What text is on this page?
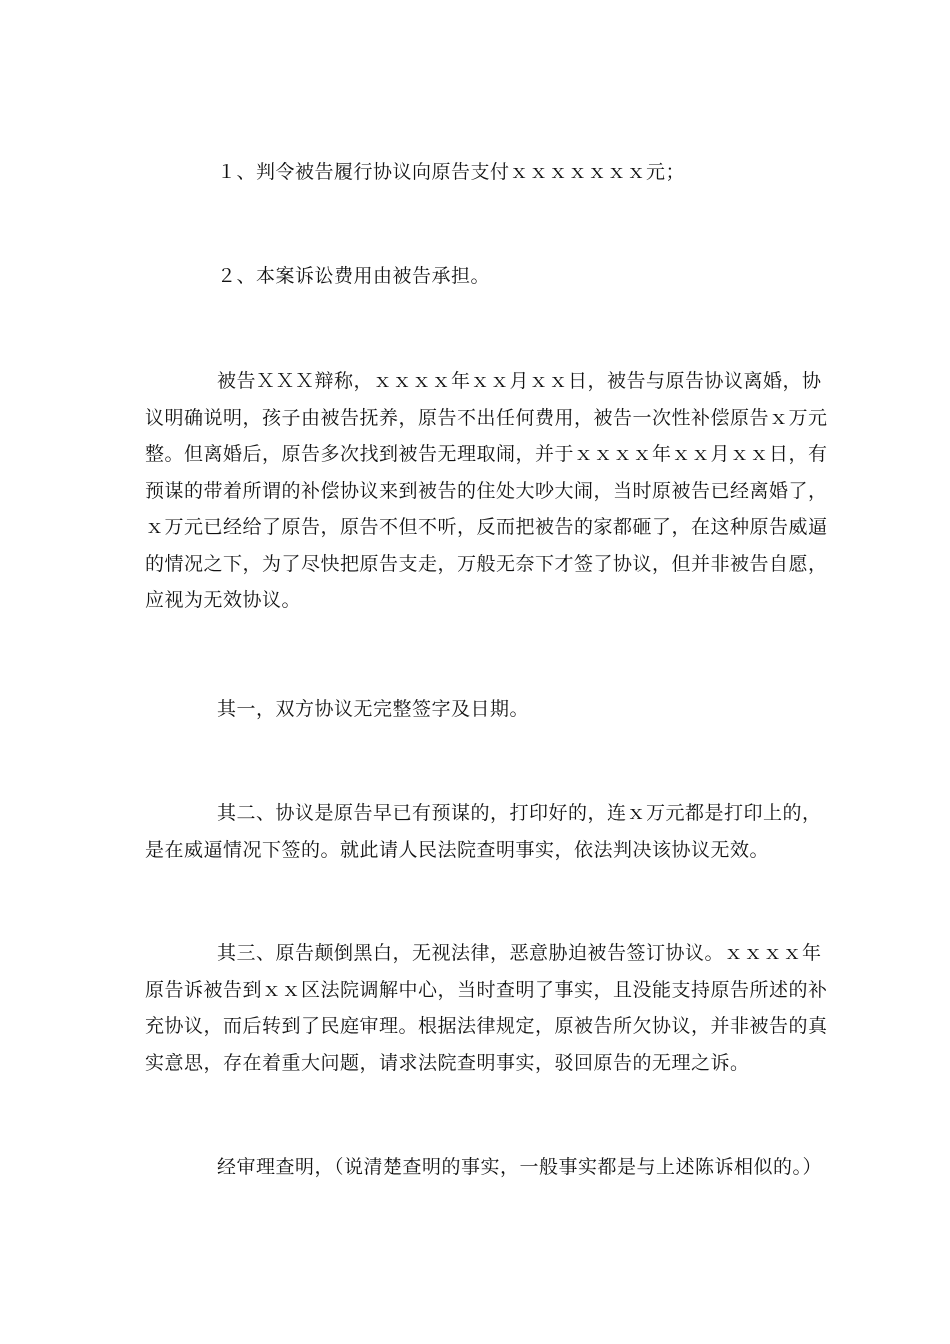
１、判令被告履行协议向原告支付ｘｘｘｘｘｘｘ元；

２、本案诉讼费用由被告承担。

被告ＸＸＸ辩称，ｘｘｘｘ年ｘｘ月ｘｘ日，被告与原告协议离婚，协议明确说明，孩子由被告抚养，原告不出任何费用，被告一次性补偿原告ｘ万元整。但离婚后，原告多次找到被告无理取闹，并于ｘｘｘｘ年ｘｘ月ｘｘ日，有预谋的带着所谓的补偿协议来到被告的住处大吵大闹，当时原被告已经离婚了，ｘ万元已经给了原告，原告不但不听，反而把被告的家都砸了，在这种原告威逼的情况之下，为了尽快把原告支走，万般无奈下才签了协议，但并非被告自愿，应视为无效协议。

其一，双方协议无完整签字及日期。

其二、协议是原告早已有预谋的，打印好的，连ｘ万元都是打印上的，是在威逼情况下签的。就此请人民法院查明事实，依法判决该协议无效。

其三、原告颠倒黑白，无视法律，恶意胁迫被告签订协议。ｘｘｘｘ年原告诉被告到ｘｘ区法院调解中心，当时查明了事实，且没能支持原告所述的补充协议，而后转到了民庭审理。根据法律规定，原被告所欠协议，并非被告的真实意思，存在着重大问题，请求法院查明事实，驳回原告的无理之诉。

经审理查明，（说清楚查明的事实，一般事实都是与上述陈诉相似的。）
